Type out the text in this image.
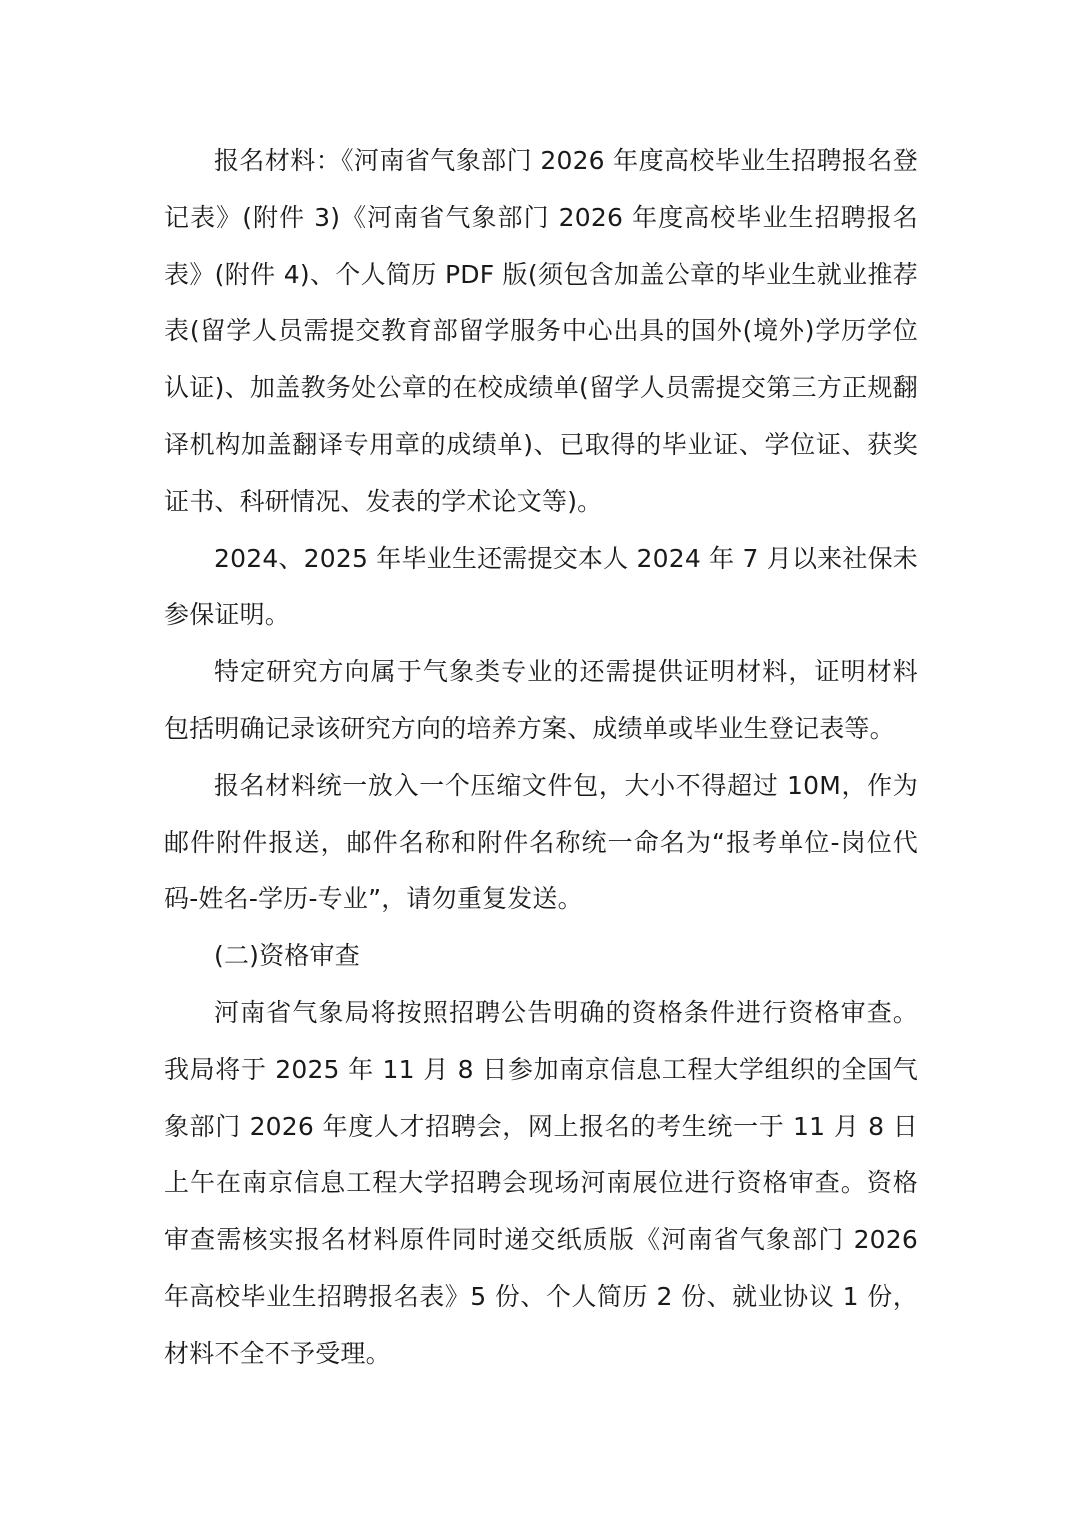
报名材料：《河南省气象部门 2026 年度高校毕业生招聘报名登记表》(附件 3)《河南省气象部门 2026 年度高校毕业生招聘报名表》(附件 4)、个人简历 PDF 版(须包含加盖公章的毕业生就业推荐表(留学人员需提交教育部留学服务中心出具的国外(境外)学历学位认证)、加盖教务处公章的在校成绩单(留学人员需提交第三方正规翻译机构加盖翻译专用章的成绩单)、已取得的毕业证、学位证、获奖证书、科研情况、发表的学术论文等)。

2024、2025 年毕业生还需提交本人 2024 年 7 月以来社保未参保证明。

特定研究方向属于气象类专业的还需提供证明材料，证明材料包括明确记录该研究方向的培养方案、成绩单或毕业生登记表等。

报名材料统一放入一个压缩文件包，大小不得超过 10M，作为邮件附件报送，邮件名称和附件名称统一命名为“报考单位-岗位代码-姓名-学历-专业”，请勿重复发送。

(二)资格审查

河南省气象局将按照招聘公告明确的资格条件进行资格审查。我局将于 2025 年 11 月 8 日参加南京信息工程大学组织的全国气象部门 2026 年度人才招聘会，网上报名的考生统一于 11 月 8 日上午在南京信息工程大学招聘会现场河南展位进行资格审查。资格审查需核实报名材料原件同时递交纸质版《河南省气象部门 2026 年高校毕业生招聘报名表》5 份、个人简历 2 份、就业协议 1 份，材料不全不予受理。
